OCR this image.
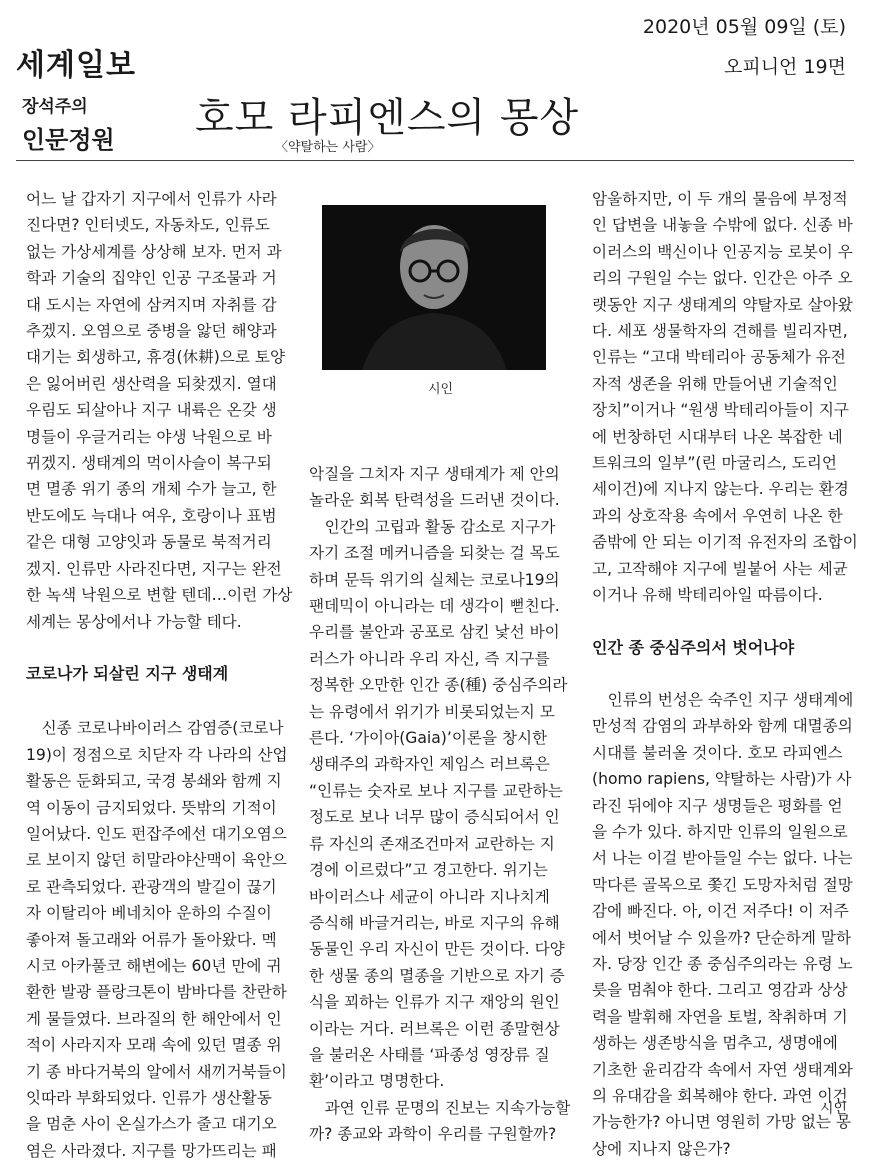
세계일보
2020년 05월 09일 (토)
오피니언 19면
장석주의
인문정원 호모 라피엔스의 몽상
〈약탈하는 사람〉
시인

어느 날 갑자기 지구에서 인류가 사라

진다면? 인터넷도, 자동차도, 인류도

없는 가상세계를 상상해 보자. 먼저 과

학과 기술의 집약인 인공 구조물과 거

대 도시는 자연에 삼켜지며 자취를 감

추겠지. 오염으로 중병을 앓던 해양과

대기는 회생하고, 휴경(休耕)으로 토양

은 잃어버린 생산력을 되찾겠지. 열대

우림도 되살아나 지구 내륙은 온갖 생

명들이 우글거리는 야생 낙원으로 바

뀌겠지. 생태계의 먹이사슬이 복구되

면 멸종 위기 종의 개체 수가 늘고, 한

반도에도 늑대나 여우, 호랑이나 표범

같은 대형 고양잇과 동물로 북적거리

겠지. 인류만 사라진다면, 지구는 완전

한 녹색 낙원으로 변할 텐데…이런 가상

세계는 몽상에서나 가능할 테다.

코로나가 되살린 지구 생태계

 신종 코로나바이러스 감염증(코로나

19)이 정점으로 치닫자 각 나라의 산업

활동은 둔화되고, 국경 봉쇄와 함께 지

역 이동이 금지되었다. 뜻밖의 기적이

일어났다. 인도 펀잡주에선 대기오염으

로 보이지 않던 히말라야산맥이 육안으

로 관측되었다. 관광객의 발길이 끊기

자 이탈리아 베네치아 운하의 수질이

좋아져 돌고래와 어류가 돌아왔다. 멕

시코 아카풀코 해변에는 60년 만에 귀

환한 발광 플랑크톤이 밤바다를 찬란하

게 물들였다. 브라질의 한 해안에서 인

적이 사라지자 모래 속에 있던 멸종 위

기 종 바다거북의 알에서 새끼거북들이

잇따라 부화되었다. 인류가 생산활동

을 멈춘 사이 온실가스가 줄고 대기오

염은 사라졌다. 지구를 망가뜨리는 패

악질을 그치자 지구 생태계가 제 안의

놀라운 회복 탄력성을 드러낸 것이다.

 인간의 고립과 활동 감소로 지구가

자기 조절 메커니즘을 되찾는 걸 목도

하며 문득 위기의 실체는 코로나19의

팬데믹이 아니라는 데 생각이 뻗친다.

우리를 불안과 공포로 삼킨 낯선 바이

러스가 아니라 우리 자신, 즉 지구를

정복한 오만한 인간 종(種) 중심주의라

는 유령에서 위기가 비롯되었는지 모

른다. ‘가이아(Gaia)’이론을 창시한

생태주의 과학자인 제임스 러브록은

“인류는 숫자로 보나 지구를 교란하는

정도로 보나 너무 많이 증식되어서 인

류 자신의 존재조건마저 교란하는 지

경에 이르렀다”고 경고한다. 위기는

바이러스나 세균이 아니라 지나치게

증식해 바글거리는, 바로 지구의 유해

동물인 우리 자신이 만든 것이다. 다양

한 생물 종의 멸종을 기반으로 자기 증

식을 꾀하는 인류가 지구 재앙의 원인

이라는 거다. 러브록은 이런 종말현상

을 불러온 사태를 ‘파종성 영장류 질

환’이라고 명명한다.

 과연 인류 문명의 진보는 지속가능할

까? 종교와 과학이 우리를 구원할까?

암울하지만, 이 두 개의 물음에 부정적

인 답변을 내놓을 수밖에 없다. 신종 바

이러스의 백신이나 인공지능 로봇이 우

리의 구원일 수는 없다. 인간은 아주 오

랫동안 지구 생태계의 약탈자로 살아왔

다. 세포 생물학자의 견해를 빌리자면,

인류는 “고대 박테리아 공동체가 유전

자적 생존을 위해 만들어낸 기술적인

장치”이거나 “원생 박테리아들이 지구

에 번창하던 시대부터 나온 복잡한 네

트워크의 일부”(린 마굴리스, 도리언

세이건)에 지나지 않는다. 우리는 환경

과의 상호작용 속에서 우연히 나온 한

줌밖에 안 되는 이기적 유전자의 조합이

고, 고작해야 지구에 빌붙어 사는 세균

이거나 유해 박테리아일 따름이다.

인간 종 중심주의서 벗어나야

 인류의 번성은 숙주인 지구 생태계에

만성적 감염의 과부하와 함께 대멸종의

시대를 불러올 것이다. 호모 라피엔스

(homo rapiens, 약탈하는 사람)가 사

라진 뒤에야 지구 생명들은 평화를 얻

을 수가 있다. 하지만 인류의 일원으로

서 나는 이걸 받아들일 수는 없다. 나는

막다른 골목으로 쫓긴 도망자처럼 절망

감에 빠진다. 아, 이건 저주다! 이 저주

에서 벗어날 수 있을까? 단순하게 말하

자. 당장 인간 종 중심주의라는 유령 노

릇을 멈춰야 한다. 그리고 영감과 상상

력을 발휘해 자연을 토벌, 착취하며 기

생하는 생존방식을 멈추고, 생명애에

기초한 윤리감각 속에서 자연 생태계와

의 유대감을 회복해야 한다. 과연 이건

가능한가? 아니면 영원히 가망 없는 몽

상에 지나지 않은가?

시인
